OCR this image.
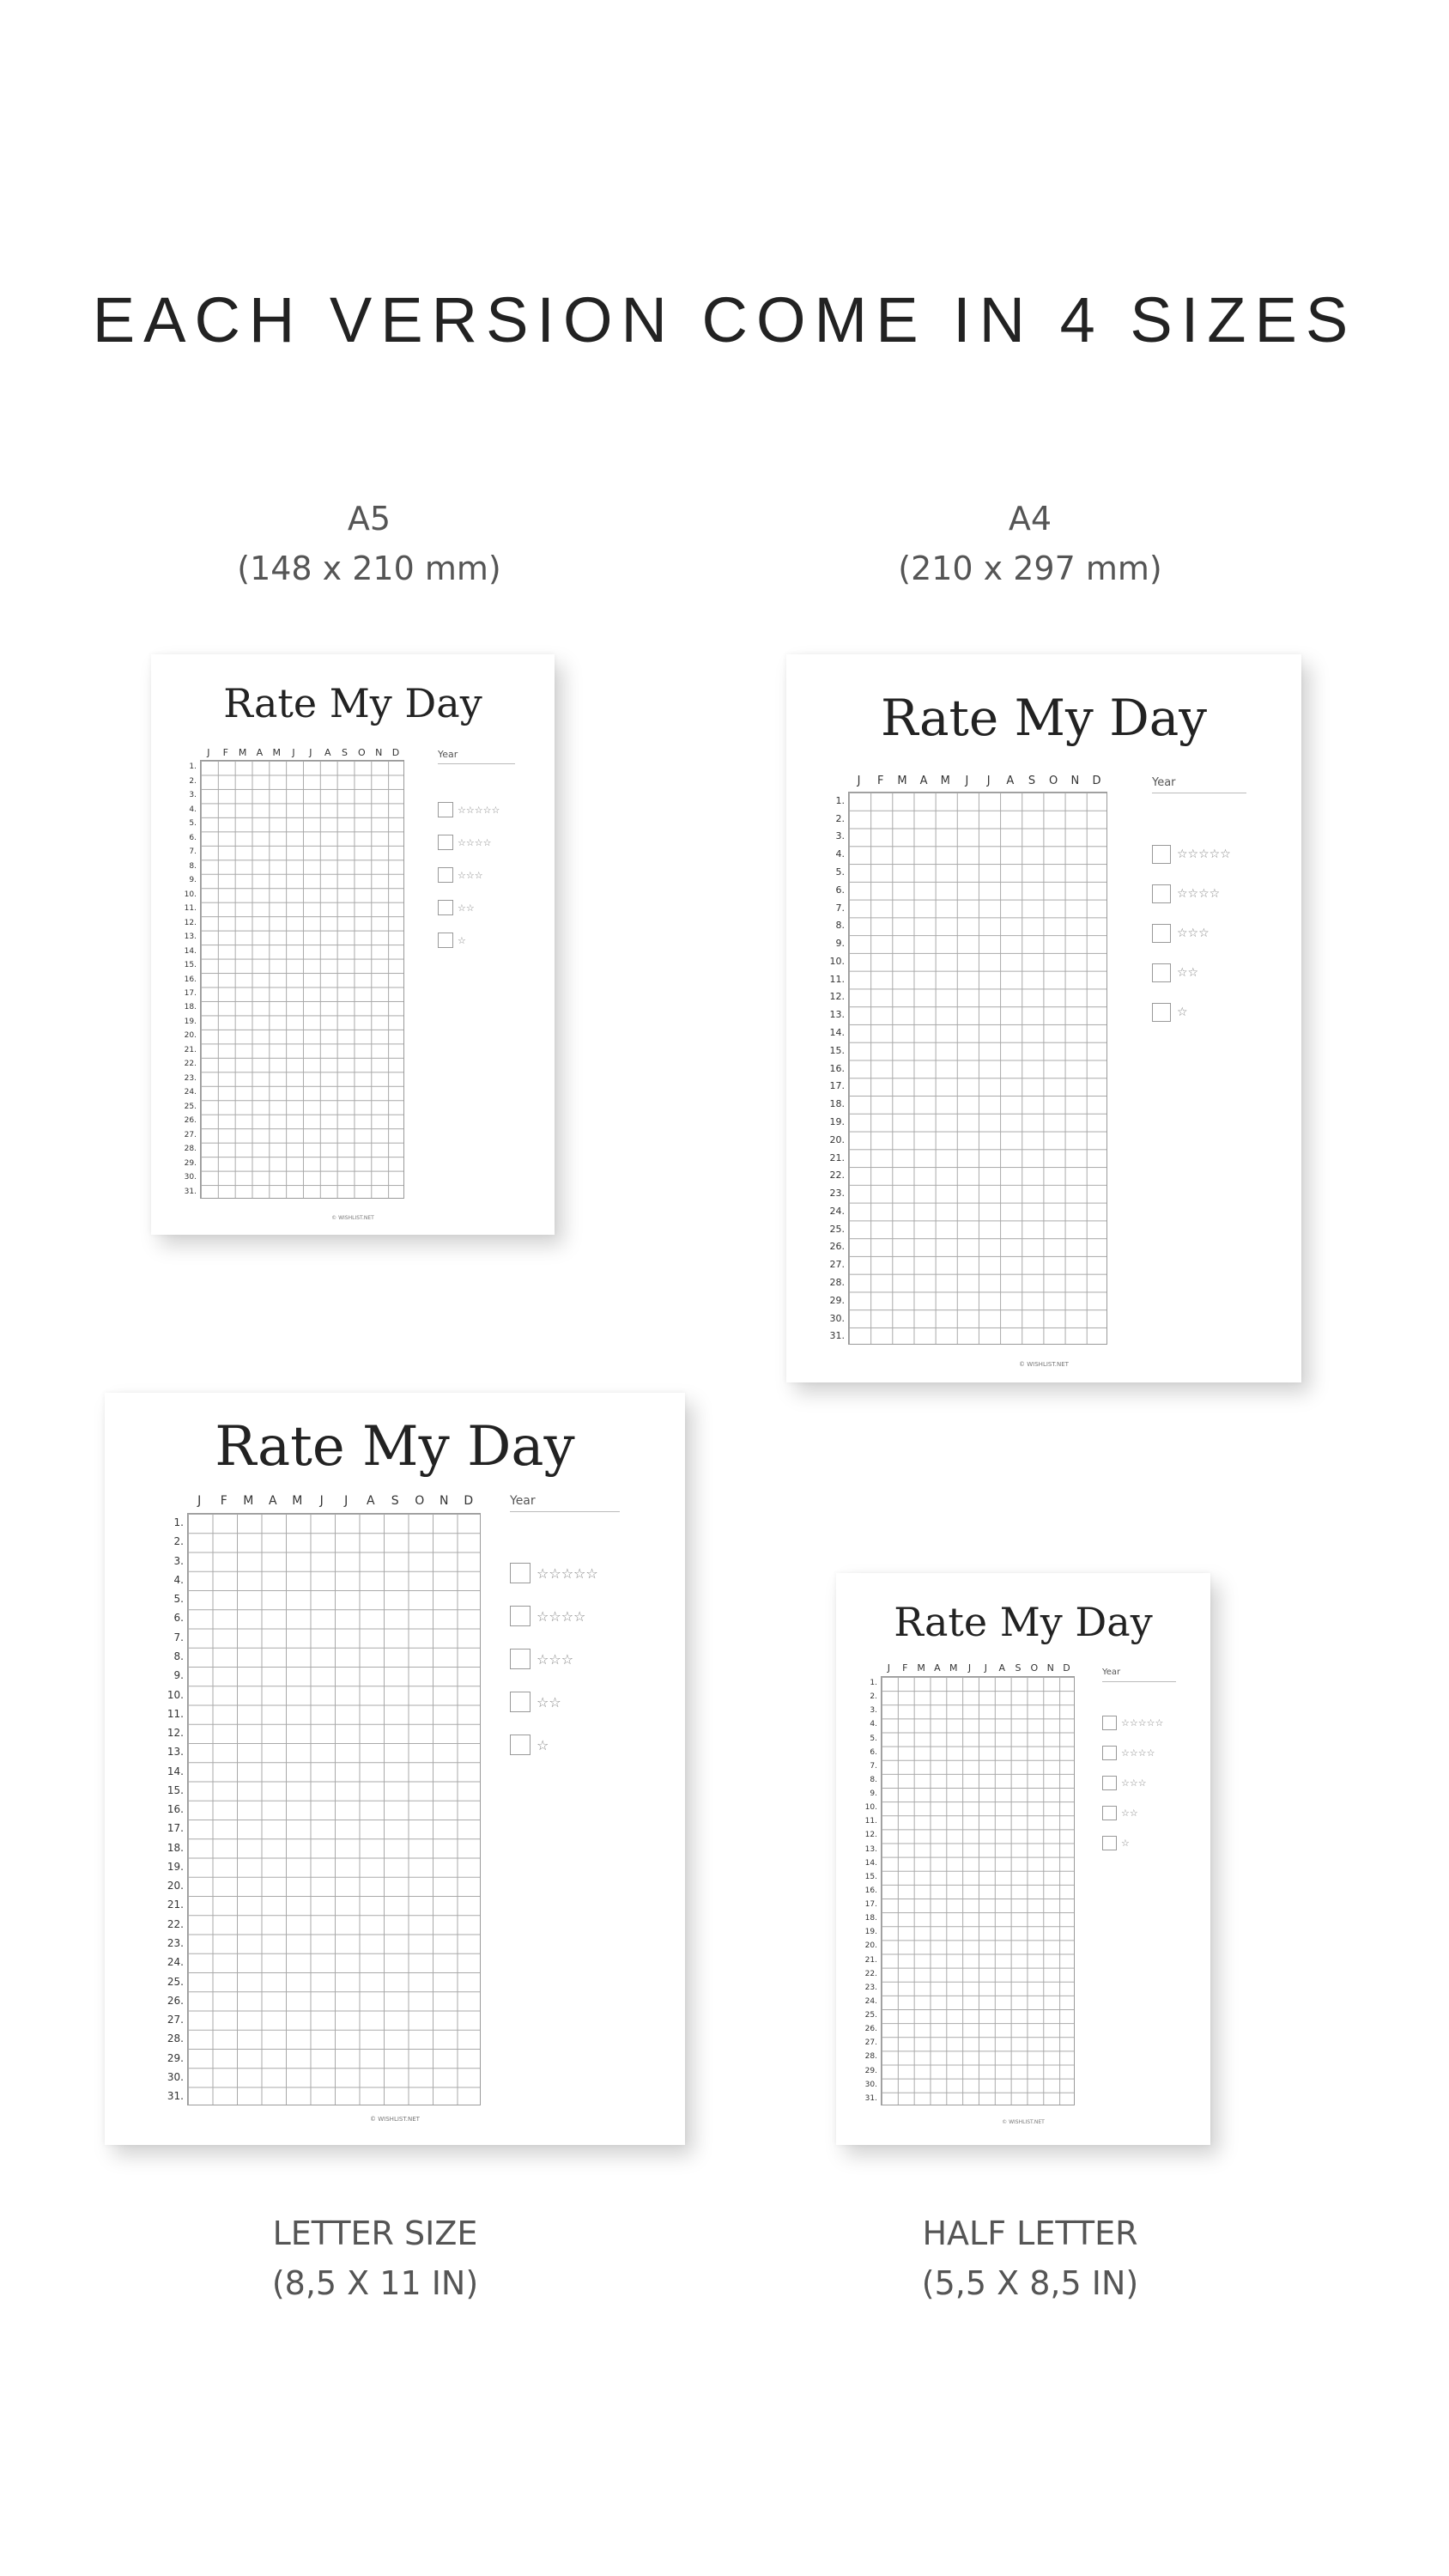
EACH VERSION COME IN 4 SIZES
A5
(148 x 210 mm)
A4
(210 x 297 mm)
LETTER SIZE
(8,5 X 11 IN)
HALF LETTER
(5,5 X 8,5 IN)
Rate My Day
J	F	M	A	M	J	J	A	S	O	N	D
1.
2.
3.
4.
5.
6.
7.
8.
9.
10.
11.
12.
13.
14.
15.
16.
17.
18.
19.
20.
21.
22.
23.
24.
25.
26.
27.
28.
29.
30.
31.
Year
☆☆☆☆☆
☆☆☆☆
☆☆☆
☆☆
☆
© WISHLIST.NET
Rate My Day
J	F	M	A	M	J	J	A	S	O	N	D
1.
2.
3.
4.
5.
6.
7.
8.
9.
10.
11.
12.
13.
14.
15.
16.
17.
18.
19.
20.
21.
22.
23.
24.
25.
26.
27.
28.
29.
30.
31.
Year
☆☆☆☆☆
☆☆☆☆
☆☆☆
☆☆
☆
© WISHLIST.NET
Rate My Day
J	F	M	A	M	J	J	A	S	O	N	D
1.
2.
3.
4.
5.
6.
7.
8.
9.
10.
11.
12.
13.
14.
15.
16.
17.
18.
19.
20.
21.
22.
23.
24.
25.
26.
27.
28.
29.
30.
31.
Year
☆☆☆☆☆
☆☆☆☆
☆☆☆
☆☆
☆
© WISHLIST.NET
Rate My Day
J	F M A M	J	J	A	S	O N D
1.
2.
3.
4.
5.
6.
7.
8.
9.
10.
11.
12.
13.
14.
15.
16.
17.
18.
19.
20.
21.
22.
23.
24.
25.
26.
27.
28.
29.
30.
31.
Year
☆☆☆☆☆
☆☆☆☆
☆☆☆
☆☆
☆
© WISHLIST.NET
